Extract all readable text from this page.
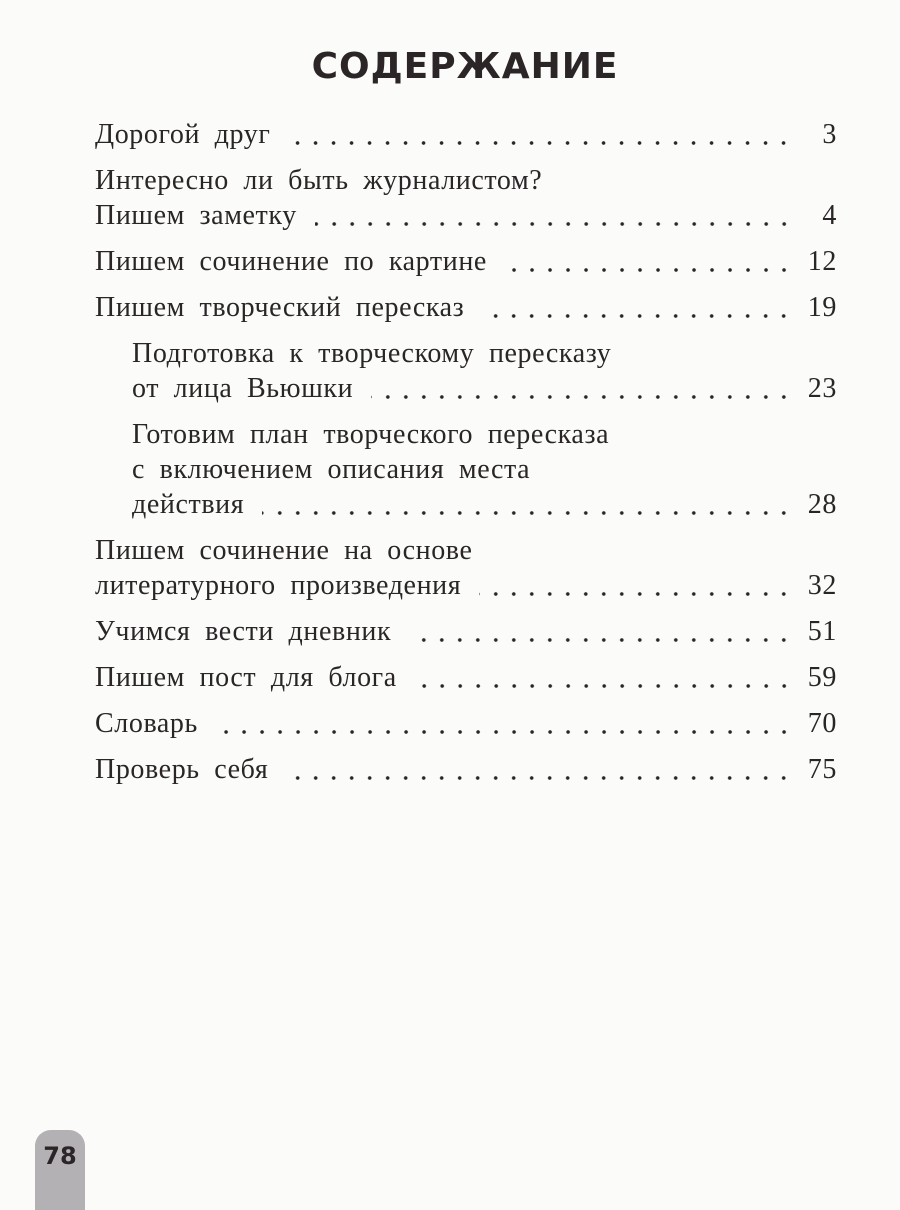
СОДЕРЖАНИЕ
Дорогой друг	3
Интересно ли быть журналистом?
Пишем заметку	4
Пишем сочинение по картине	12
Пишем творческий пересказ	19
Подготовка к творческому пересказу
от лица Вьюшки	23
Готовим план творческого пересказа
с включением описания места
действия	28
Пишем сочинение на основе
литературного произведения	32
Учимся вести дневник	51
Пишем пост для блога	59
Словарь	70
Проверь себя	75
78
